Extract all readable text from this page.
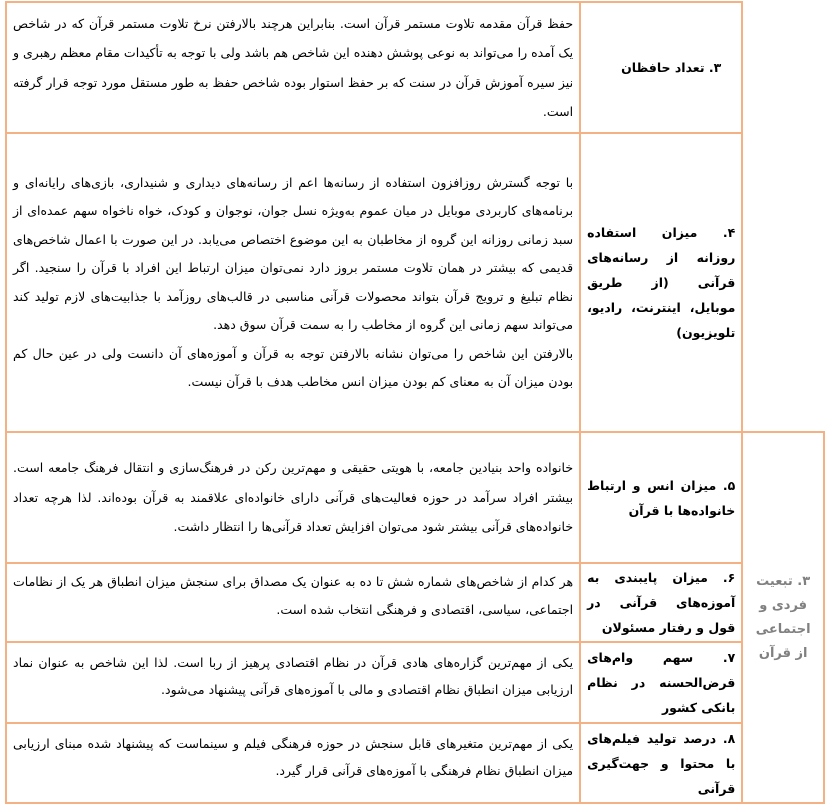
	۳. تعداد حافظان	حفظ قرآن مقدمه تلاوت مستمر قرآن است. بنابراین هرچند بالارفتن نرخ تلاوت مستمر قرآن که در شاخص یک آمده را می‌تواند به نوعی پوشش دهنده این شاخص هم باشد ولی با توجه به تأکیدات مقام معظم رهبری و نیز سیره آموزش قرآن در سنت که بر حفظ استوار بوده شاخص حفظ به طور مستقل مورد توجه قرار گرفته است.
	۴. میزان استفاده روزانه از رسانه‌های قرآنی (از طریق موبایل، اینترنت، رادیو، تلویزیون)	با توجه گسترش روزافزون استفاده از رسانه‌ها اعم از رسانه‌های دیداری و شنیداری، بازی‌های رایانه‌ای و برنامه‌های کاربردی موبایل در میان عموم به‌ویژه نسل جوان، نوجوان و کودک، خواه ناخواه سهم عمده‌ای از سبد زمانی روزانه این گروه از مخاطبان به این موضوع اختصاص می‌یابد. در این صورت با اعمال شاخص‌های قدیمی که بیشتر در همان تلاوت مستمر بروز دارد نمی‌توان میزان ارتباط این افراد با قرآن را سنجید. اگر نظام تبلیغ و ترویج قرآن بتواند محصولات قرآنی مناسبی در قالب‌های روزآمد با جذابیت‌های لازم تولید کند می‌تواند سهم زمانی این گروه از مخاطب را به سمت قرآن سوق دهد.
بالارفتن این شاخص را می‌توان نشانه بالارفتن توجه به قرآن و آموزه‌های آن دانست ولی در عین حال کم بودن میزان آن به معنای کم بودن میزان انس مخاطب هدف با قرآن نیست.

۳. تبعیت فردی و اجتماعی از قرآن	۵. میزان انس و ارتباط خانواده‌ها با قرآن	خانواده واحد بنیادین جامعه، با هویتی حقیقی و مهم‌ترین رکن در فرهنگ‌سازی و انتقال فرهنگ جامعه است. بیشتر افراد سرآمد در حوزه فعالیت‌های قرآنی دارای خانواده‌ای علاقمند به قرآن بوده‌اند. لذا هرچه تعداد خانواده‌های قرآنی بیشتر شود می‌توان افزایش تعداد قرآنی‌ها را انتظار داشت.
	۶. میزان پایبندی به آموزه‌های قرآنی در قول و رفتار مسئولان	هر کدام از شاخص‌های شماره شش تا ده به عنوان یک مصداق برای سنجش میزان انطباق هر یک از نظامات اجتماعی، سیاسی، اقتصادی و فرهنگی انتخاب شده است.
	۷. سهم وام‌های قرض‌الحسنه در نظام بانکی کشور	یکی از مهم‌ترین گزاره‌های هادی قرآن در نظام اقتصادی پرهیز از ربا است. لذا این شاخص به عنوان نماد ارزیابی میزان انطباق نظام اقتصادی و مالی با آموزه‌های قرآنی پیشنهاد می‌شود.
	۸. درصد تولید فیلم‌های با محتوا و جهت‌گیری قرآنی	یکی از مهم‌ترین متغیرهای قابل سنجش در حوزه فرهنگی فیلم و سینماست که پیشنهاد شده مبنای ارزیابی میزان انطباق نظام فرهنگی با آموزه‌های قرآنی قرار گیرد.
